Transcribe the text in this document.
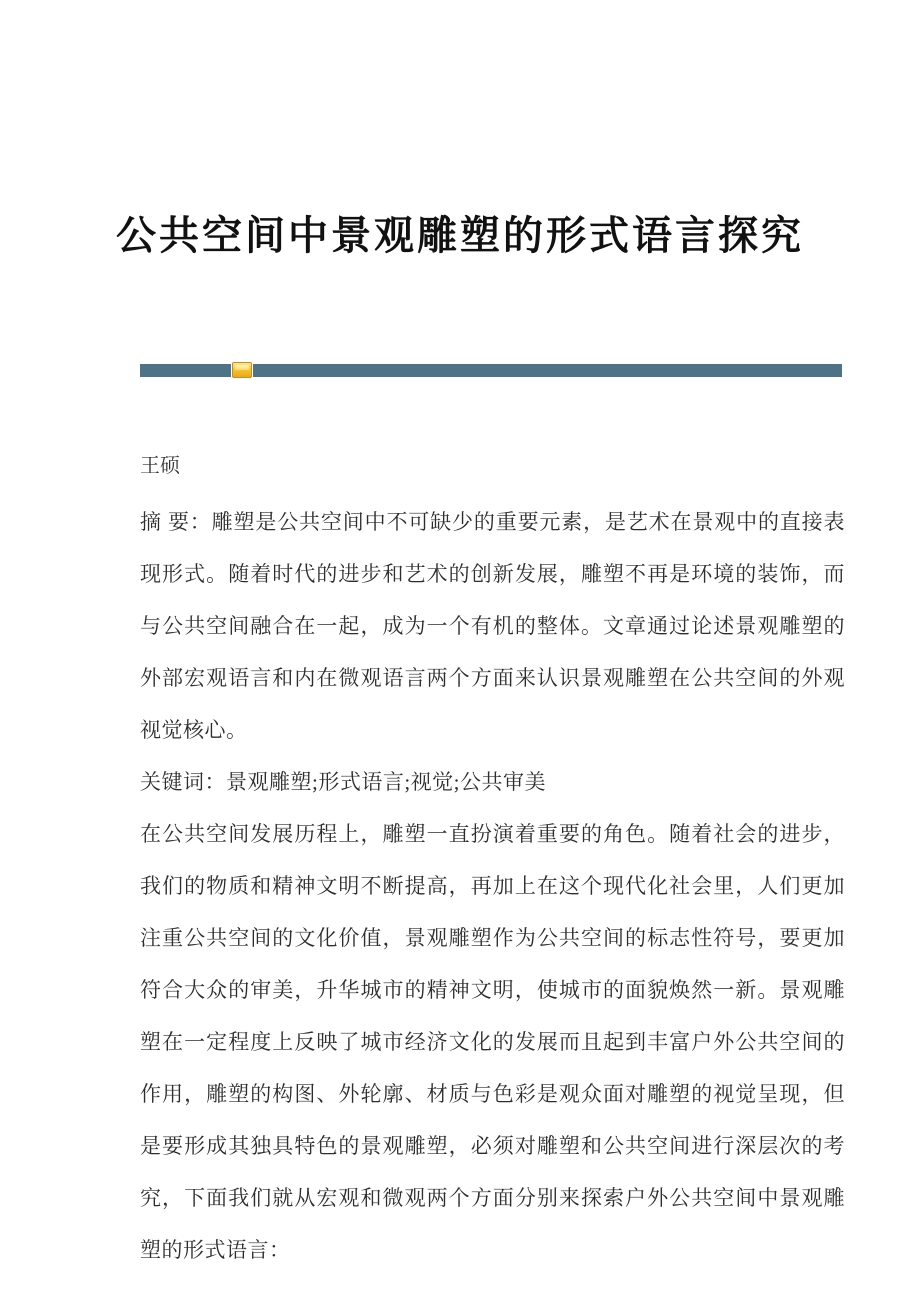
公共空间中景观雕塑的形式语言探究
王硕

摘 要：雕塑是公共空间中不可缺少的重要元素，是艺术在景观中的直接表现形式。随着时代的进步和艺术的创新发展，雕塑不再是环境的装饰，而与公共空间融合在一起，成为一个有机的整体。文章通过论述景观雕塑的外部宏观语言和内在微观语言两个方面来认识景观雕塑在公共空间的外观视觉核心。

关键词：景观雕塑;形式语言;视觉;公共审美

在公共空间发展历程上，雕塑一直扮演着重要的角色。随着社会的进步，我们的物质和精神文明不断提高，再加上在这个现代化社会里，人们更加注重公共空间的文化价值，景观雕塑作为公共空间的标志性符号，要更加符合大众的审美，升华城市的精神文明，使城市的面貌焕然一新。景观雕塑在一定程度上反映了城市经济文化的发展而且起到丰富户外公共空间的作用，雕塑的构图、外轮廓、材质与色彩是观众面对雕塑的视觉呈现，但是要形成其独具特色的景观雕塑，必须对雕塑和公共空间进行深层次的考究，下面我们就从宏观和微观两个方面分别来探索户外公共空间中景观雕塑的形式语言：
